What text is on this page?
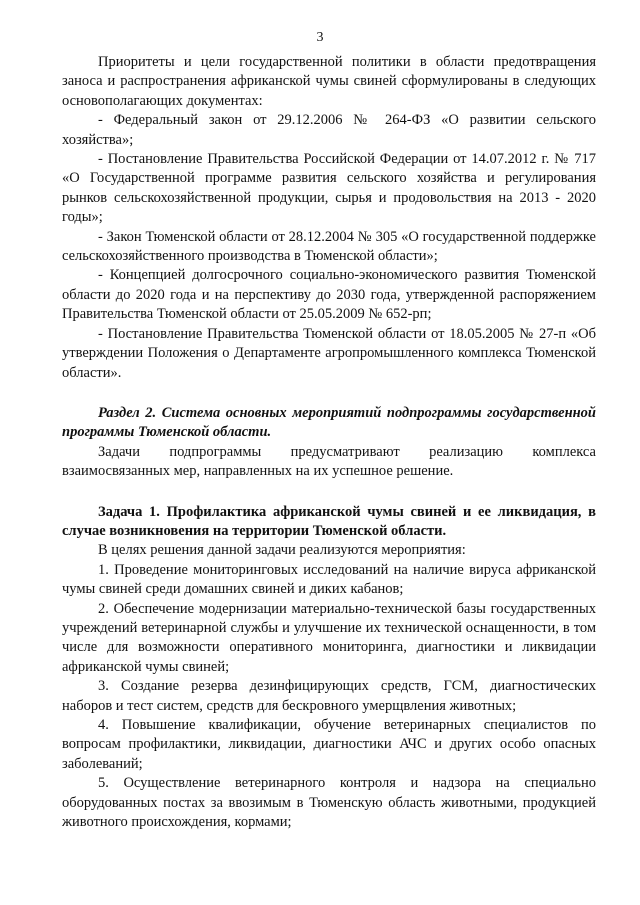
3

Приоритеты и цели государственной политики в области предотвращения заноса и распространения африканской чумы свиней сформулированы в следующих основополагающих документах:

- Федеральный закон от 29.12.2006 № 264-ФЗ «О развитии сельского хозяйства»;

- Постановление Правительства Российской Федерации от 14.07.2012 г. № 717 «О Государственной программе развития сельского хозяйства и регулирования рынков сельскохозяйственной продукции, сырья и продовольствия на 2013 - 2020 годы»;

- Закон Тюменской области от 28.12.2004 № 305 «О государственной поддержке сельскохозяйственного производства в Тюменской области»;

- Концепцией долгосрочного социально-экономического развития Тюменской области до 2020 года и на перспективу до 2030 года, утвержденной распоряжением Правительства Тюменской области от 25.05.2009 № 652-рп;

- Постановление Правительства Тюменской области от 18.05.2005 № 27-п «Об утверждении Положения о Департаменте агропромышленного комплекса Тюменской области».

Раздел 2. Система основных мероприятий подпрограммы государственной программы Тюменской области.

Задачи подпрограммы предусматривают реализацию комплекса взаимосвязанных мер, направленных на их успешное решение.

Задача 1. Профилактика африканской чумы свиней и ее ликвидация, в случае возникновения на территории Тюменской области.

В целях решения данной задачи реализуются мероприятия:

1. Проведение мониторинговых исследований на наличие вируса африканской чумы свиней среди домашних свиней и диких кабанов;

2. Обеспечение модернизации материально-технической базы государственных учреждений ветеринарной службы и улучшение их технической оснащенности, в том числе для возможности оперативного мониторинга, диагностики и ликвидации африканской чумы свиней;

3. Создание резерва дезинфицирующих средств, ГСМ, диагностических наборов и тест систем, средств для бескровного умерщвления животных;

4. Повышение квалификации, обучение ветеринарных специалистов по вопросам профилактики, ликвидации, диагностики АЧС и других особо опасных заболеваний;

5. Осуществление ветеринарного контроля и надзора на специально оборудованных постах за ввозимым в Тюменскую область животными, продукцией животного происхождения, кормами;
